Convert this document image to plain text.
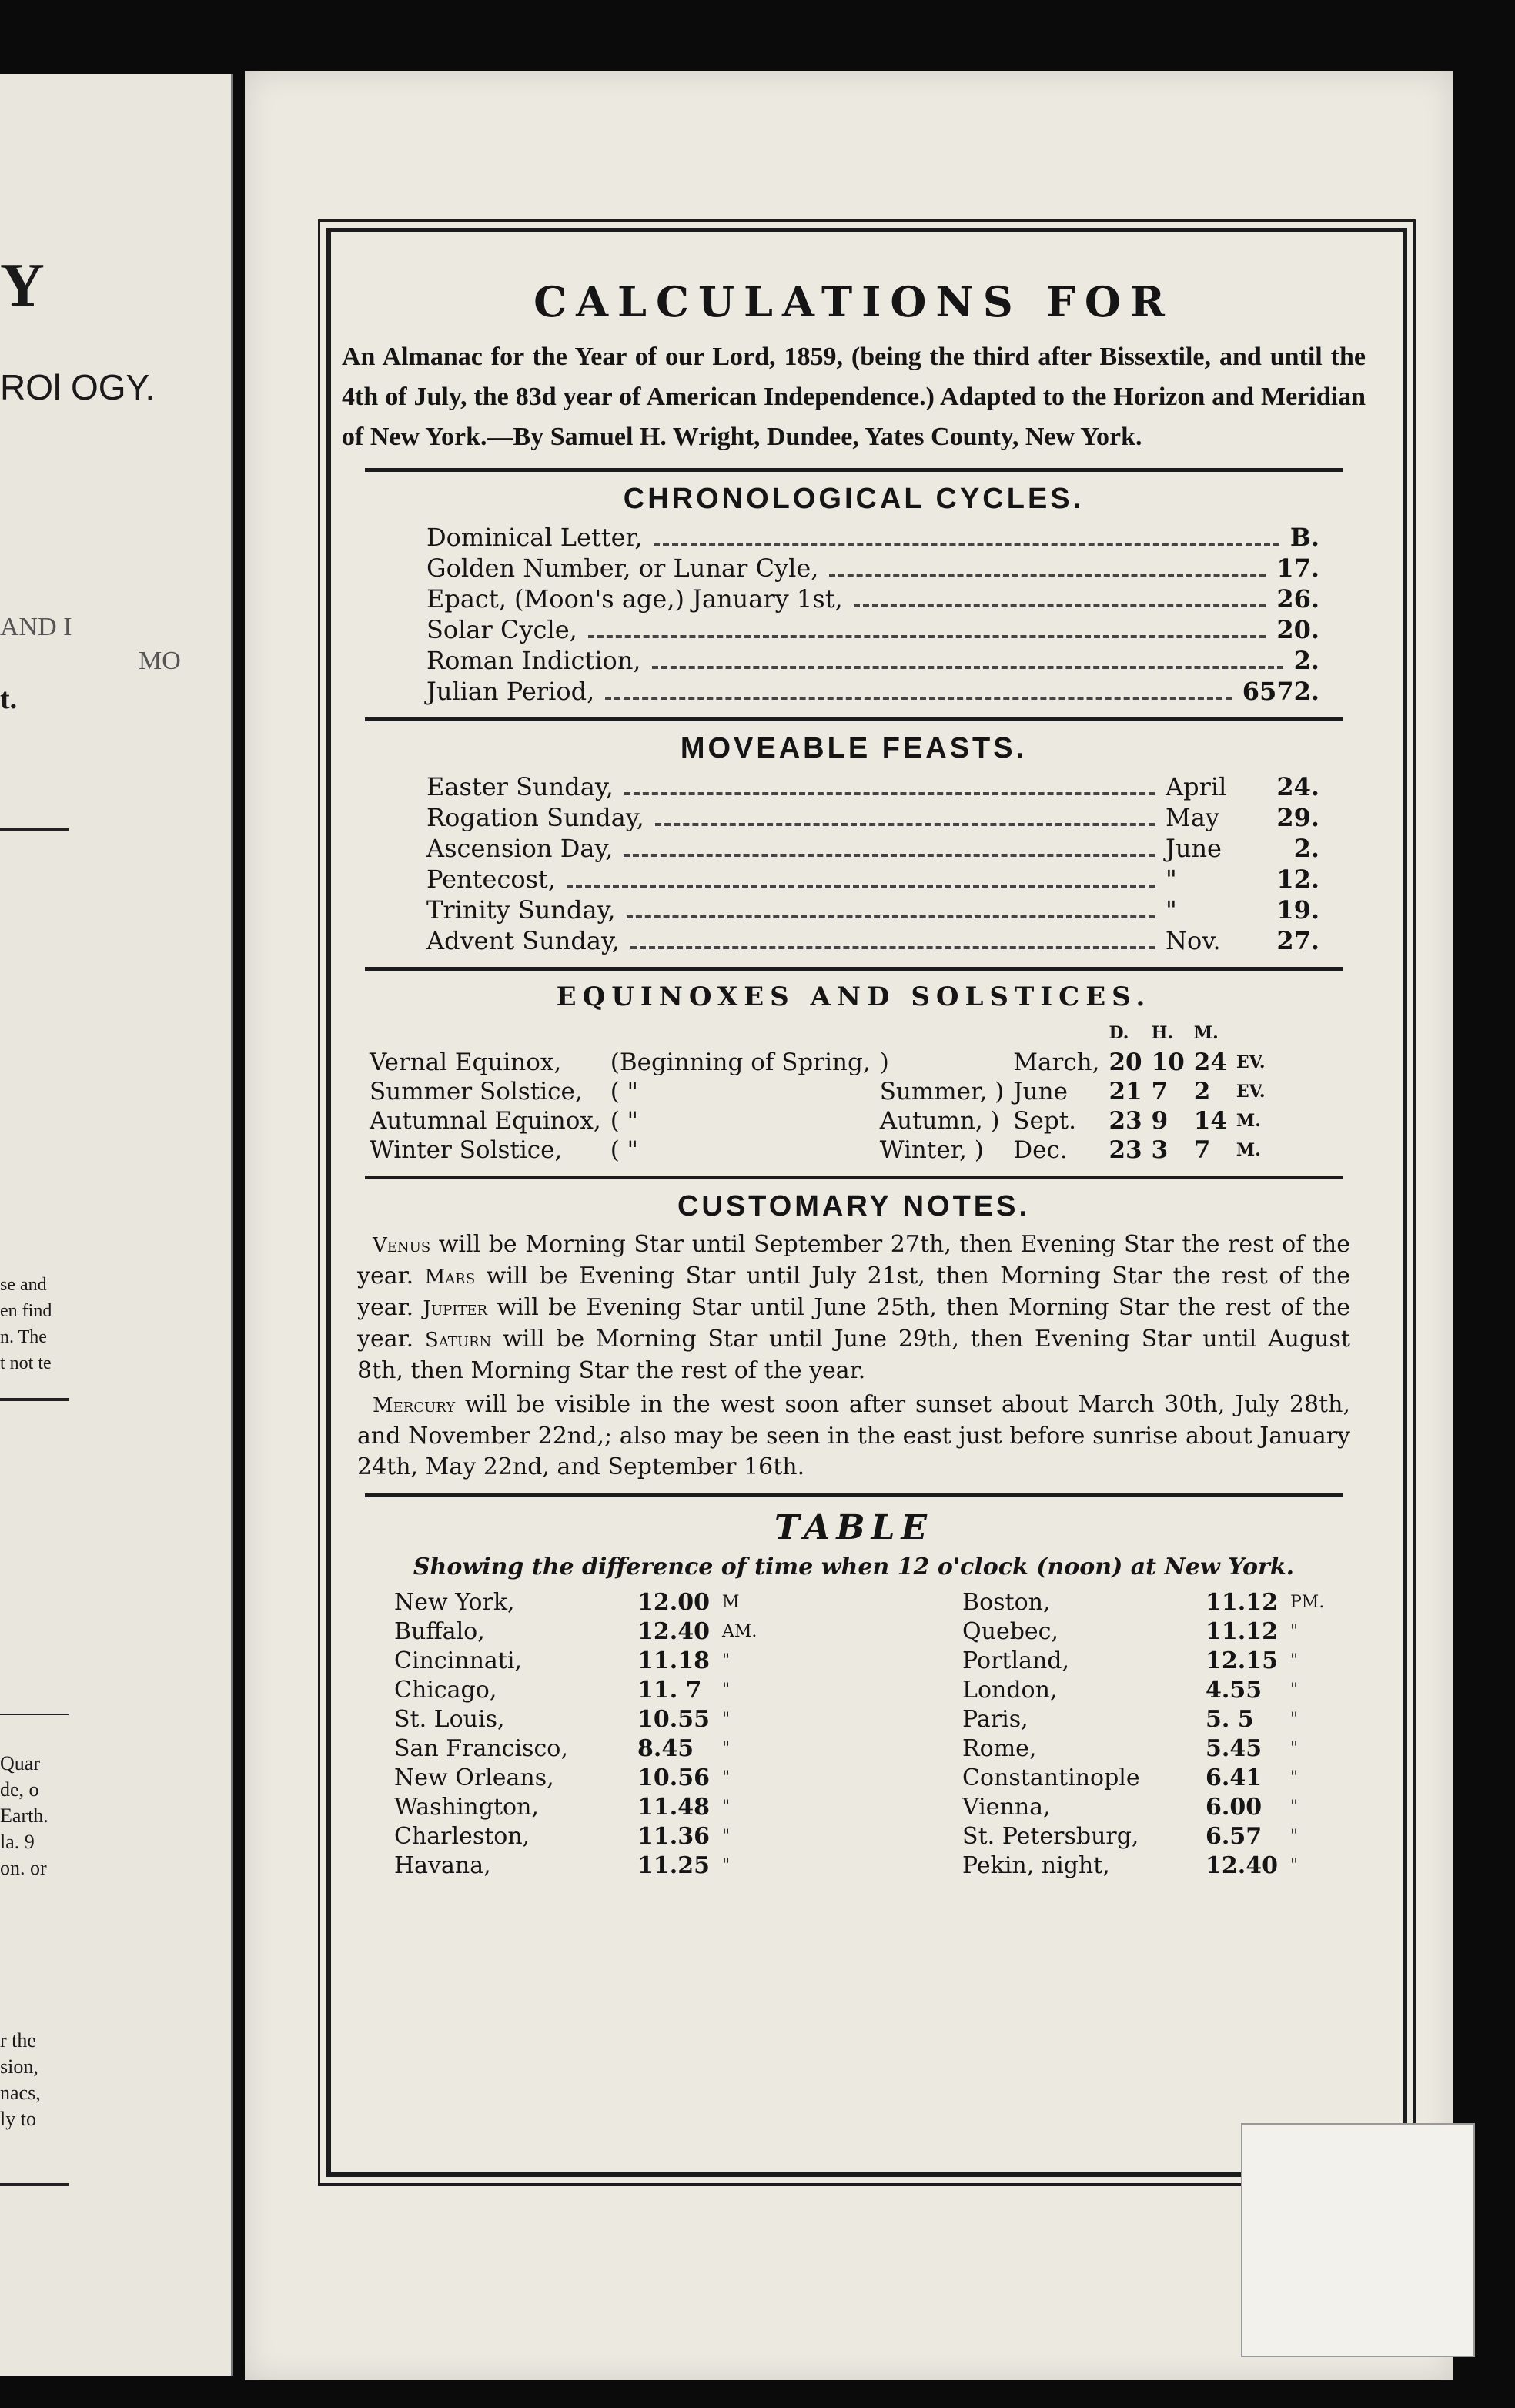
Y
ROl OGY.
AND I
MO
t.
se and
en find
n. The
t not te
Quar
de, o
Earth.
la. 9
on. or
r the
sion,
nacs,
ly to
CALCULATIONS FOR

An Almanac for the Year of our Lord, 1859, (being the third after Bissextile, and until the 4th of July, the 83d year of American Independence.) Adapted to the Horizon and Meridian of New York.—By Samuel H. Wright, Dundee, Yates County, New York.

CHRONOLOGICAL CYCLES.
Dominical Letter,	B.
Golden Number, or Lunar Cyle,	17.
Epact, (Moon's age,) January 1st,	26.
Solar Cycle,	20.
Roman Indiction,	2.
Julian Period,	6572.
MOVEABLE FEASTS.
Easter Sunday,	April	24.
Rogation Sunday,	May	29.
Ascension Day,	June	2.
Pentecost,	"	12.
Trinity Sunday,	"	19.
Advent Sunday,	Nov.	27.
EQUINOXES AND SOLSTICES.
				D.	H.	M.	
Vernal Equinox,	(Beginning of Spring,	)	March,	20	10	24	EV.
Summer Solstice,	( "	Summer, )	June	21	7	2	EV.
Autumnal Equinox,	( "	Autumn, )	Sept.	23	9	14	M.
Winter Solstice,	( "	Winter, )	Dec.	23	3	7	M.
CUSTOMARY NOTES.

Venus will be Morning Star until September 27th, then Evening Star the rest of the year. Mars will be Evening Star until July 21st, then Morning Star the rest of the year. Jupiter will be Evening Star until June 25th, then Morning Star the rest of the year. Saturn will be Morning Star until June 29th, then Evening Star until August 8th, then Morning Star the rest of the year.

Mercury will be visible in the west soon after sunset about March 30th, July 28th, and November 22nd,; also may be seen in the east just before sunrise about January 24th, May 22nd, and September 16th.

TABLE
Showing the difference of time when 12 o'clock (noon) at New York.
New York,	12.00	M
Buffalo,	12.40	AM.
Cincinnati,	11.18	"
Chicago,	11. 7	"
St. Louis,	10.55	"
San Francisco,	8.45	"
New Orleans,	10.56	"
Washington,	11.48	"
Charleston,	11.36	"
Havana,	11.25	"
Boston,	11.12	PM.
Quebec,	11.12	"
Portland,	12.15	"
London,	4.55	"
Paris,	5. 5	"
Rome,	5.45	"
Constantinople	6.41	"
Vienna,	6.00	"
St. Petersburg,	6.57	"
Pekin, night,	12.40	"
